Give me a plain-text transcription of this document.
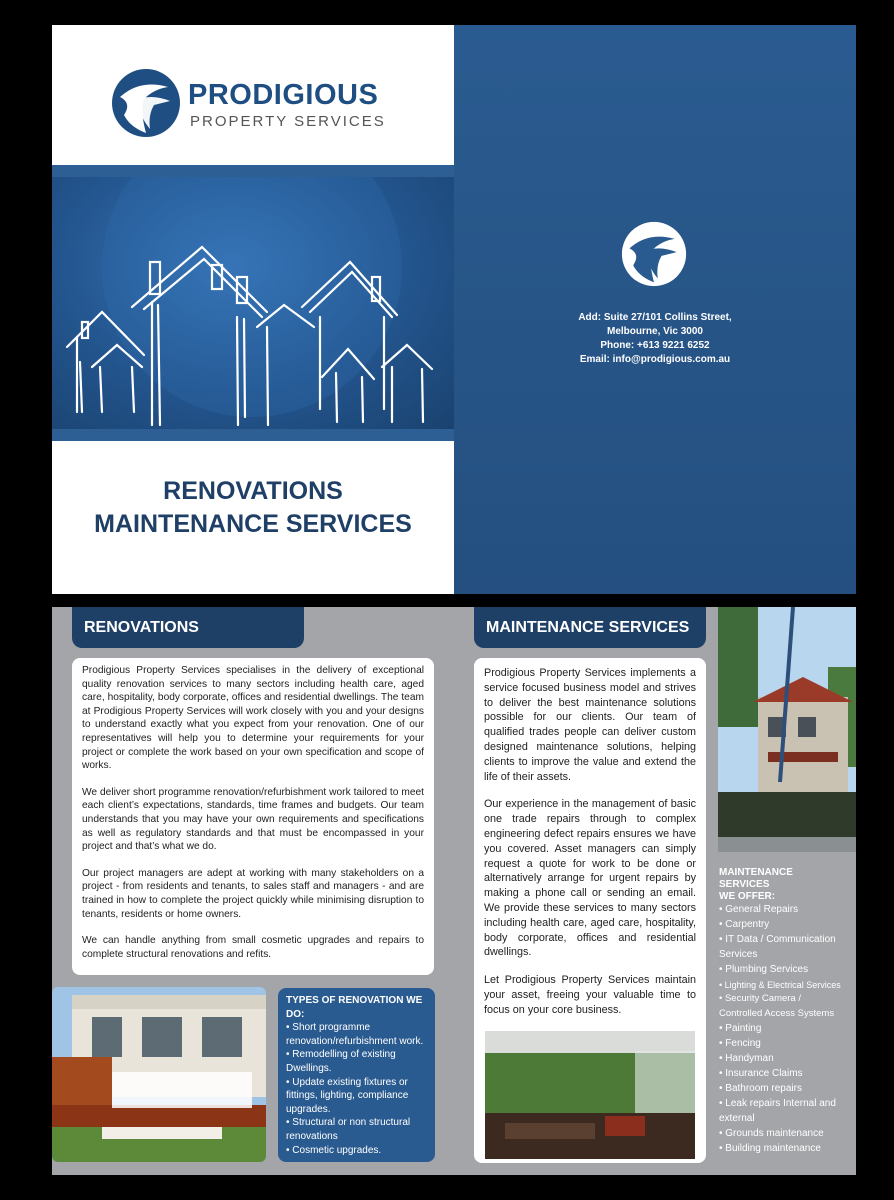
PRODIGIOUS
PROPERTY SERVICES
RENOVATIONS
MAINTENANCE SERVICES
Add: Suite 27/101 Collins Street,
Melbourne, Vic 3000
Phone: +613 9221 6252
Email: info@prodigious.com.au
RENOVATIONS

Prodigious Property Services specialises in the delivery of exceptional quality renovation services to many sectors including health care, aged care, hospitality, body corporate, offices and residential dwellings. The team at Prodigious Property Services will work closely with you and your designs to understand exactly what you expect from your renovation. One of our representatives will help you to determine your requirements for your project or complete the work based on your own specification and scope of works.

We deliver short programme renovation/refurbishment work tailored to meet each client’s expectations, standards, time frames and budgets. Our team understands that you may have your own requirements and specifications as well as regulatory standards and that must be encompassed in your project and that’s what we do.

Our project managers are adept at working with many stakeholders on a project - from residents and tenants, to sales staff and managers - and are trained in how to complete the project quickly while minimising disruption to tenants, residents or home owners.

We can handle anything from small cosmetic upgrades and repairs to complete structural renovations and refits.

TYPES OF RENOVATION WE DO:
• Short programme renovation/refurbishment work.
• Remodelling of existing Dwellings.
• Update existing fixtures or fittings, lighting, compliance upgrades.
• Structural or non structural renovations
• Cosmetic upgrades.
MAINTENANCE SERVICES

Prodigious Property Services implements a service focused business model and strives to deliver the best maintenance solutions possible for our clients. Our team of qualified trades people can deliver custom designed maintenance solutions, helping clients to improve the value and extend the life of their assets.

Our experience in the management of basic one trade repairs through to complex engineering defect repairs ensures we have you covered. Asset managers can simply request a quote for work to be done or alternatively arrange for urgent repairs by making a phone call or sending an email. We provide these services to many sectors including health care, aged care, hospitality, body corporate, offices and residential dwellings.

Let Prodigious Property Services maintain your asset, freeing your valuable time to focus on your core business.

MAINTENANCE SERVICES
WE OFFER:
• General Repairs
• Carpentry
• IT Data / Communication Services
• Plumbing Services
• Lighting & Electrical Services
• Security Camera / Controlled Access Systems
• Painting
• Fencing
• Handyman
• Insurance Claims
• Bathroom repairs
• Leak repairs Internal and external
• Grounds maintenance
• Building maintenance
